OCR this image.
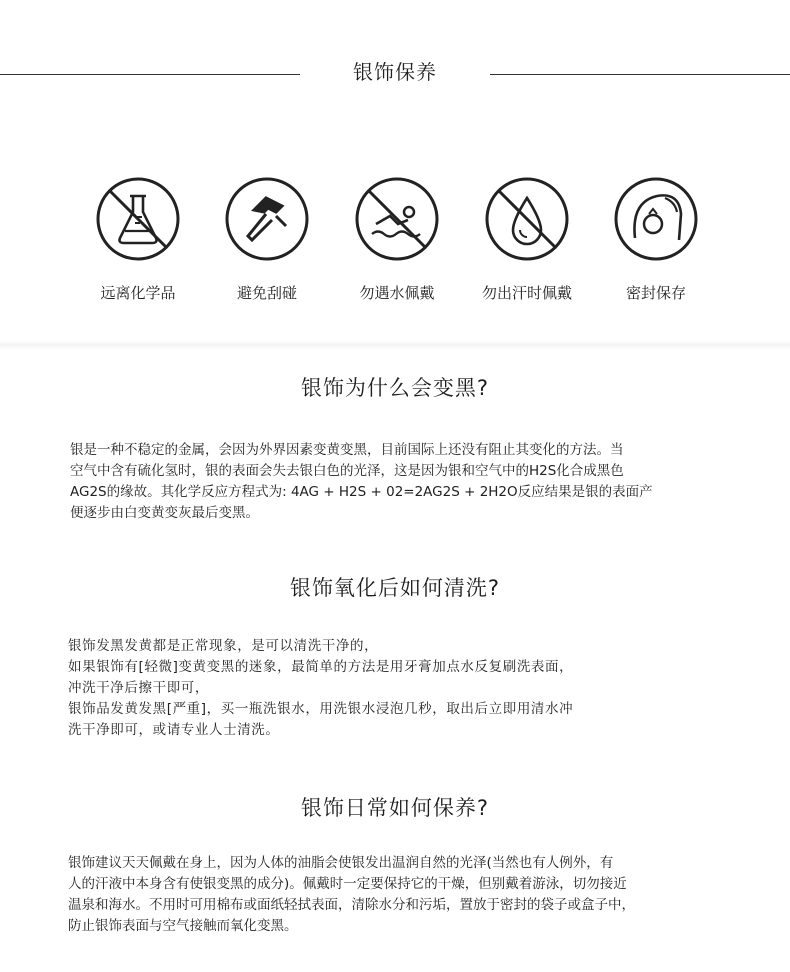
银饰保养
远离化学品	避免刮碰	勿遇水佩戴	勿出汗时佩戴	密封保存
银饰为什么会变黑?
银是一种不稳定的金属，会因为外界因素变黄变黑，目前国际上还没有阻止其变化的方法。当
空气中含有硫化氢时，银的表面会失去银白色的光泽，这是因为银和空气中的H2S化合成黑色
AG2S的缘故。其化学反应方程式为: 4AG + H2S + 02=2AG2S + 2H2O反应结果是银的表面产
便逐步由白变黄变灰最后变黑。
银饰氧化后如何清洗?
银饰发黑发黄都是正常现象，是可以清洗干净的，
如果银饰有[轻微]变黄变黑的迷象，最简单的方法是用牙膏加点水反复刷洗表面，
冲洗干净后擦干即可，
银饰品发黄发黑[严重]，买一瓶洗银水，用洗银水浸泡几秒，取出后立即用清水冲
洗干净即可，或请专业人士清洗。
银饰日常如何保养?
银饰建议天天佩戴在身上，因为人体的油脂会使银发出温润自然的光泽(当然也有人例外，有
人的汗液中本身含有使银变黑的成分)。佩戴时一定要保持它的干燥，但别戴着游泳，切勿接近
温泉和海水。不用时可用棉布或面纸轻拭表面，清除水分和污垢，置放于密封的袋子或盒子中，
防止银饰表面与空气接触而氧化变黑。
